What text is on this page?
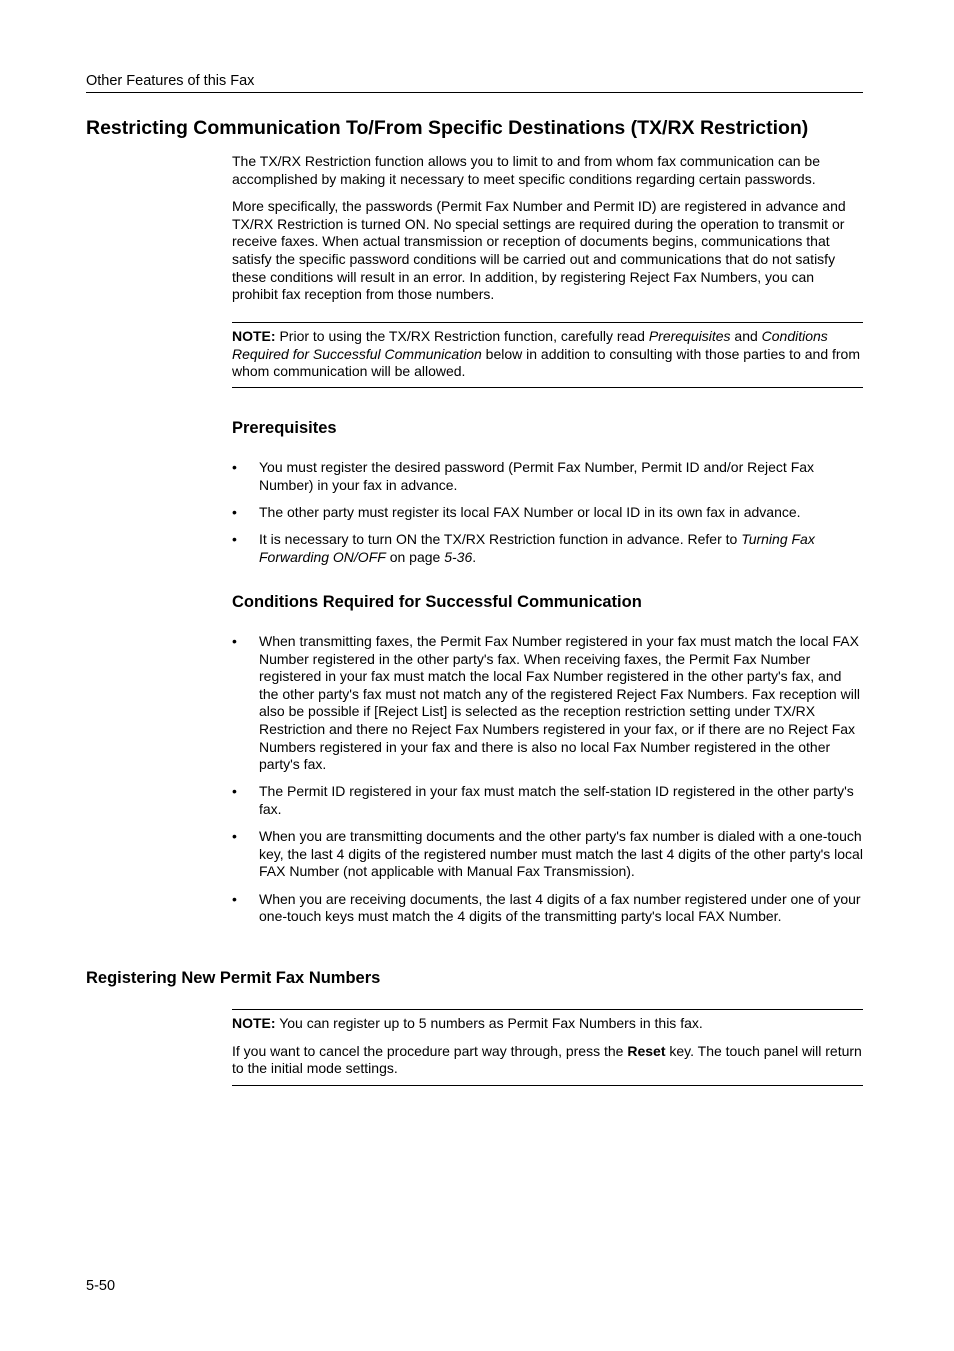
Other Features of this Fax
Restricting Communication To/From Specific Destinations (TX/RX Restriction)

The TX/RX Restriction function allows you to limit to and from whom fax communication can be accomplished by making it necessary to meet specific conditions regarding certain passwords.

More specifically, the passwords (Permit Fax Number and Permit ID) are registered in advance and TX/RX Restriction is turned ON. No special settings are required during the operation to transmit or receive faxes. When actual transmission or reception of documents begins, communications that satisfy the specific password conditions will be carried out and communications that do not satisfy these conditions will result in an error. In addition, by registering Reject Fax Numbers, you can prohibit fax reception from those numbers.

NOTE: Prior to using the TX/RX Restriction function, carefully read Prerequisites and Conditions Required for Successful Communication below in addition to consulting with those parties to and from whom communication will be allowed.

Prerequisites
• You must register the desired password (Permit Fax Number, Permit ID and/or Reject Fax Number) in your fax in advance.
• The other party must register its local FAX Number or local ID in its own fax in advance.
• It is necessary to turn ON the TX/RX Restriction function in advance. Refer to Turning Fax Forwarding ON/OFF on page 5-36.
Conditions Required for Successful Communication
• When transmitting faxes, the Permit Fax Number registered in your fax must match the local FAX Number registered in the other party's fax. When receiving faxes, the Permit Fax Number registered in your fax must match the local Fax Number registered in the other party's fax, and the other party's fax must not match any of the registered Reject Fax Numbers. Fax reception will also be possible if [Reject List] is selected as the reception restriction setting under TX/RX Restriction and there no Reject Fax Numbers registered in your fax, or if there are no Reject Fax Numbers registered in your fax and there is also no local Fax Number registered in the other party's fax.
• The Permit ID registered in your fax must match the self-station ID registered in the other party's fax.
• When you are transmitting documents and the other party's fax number is dialed with a one-touch key, the last 4 digits of the registered number must match the last 4 digits of the other party's local FAX Number (not applicable with Manual Fax Transmission).
• When you are receiving documents, the last 4 digits of a fax number registered under one of your one-touch keys must match the 4 digits of the transmitting party's local FAX Number.
Registering New Permit Fax Numbers

NOTE: You can register up to 5 numbers as Permit Fax Numbers in this fax.

If you want to cancel the procedure part way through, press the Reset key. The touch panel will return to the initial mode settings.

5-50
